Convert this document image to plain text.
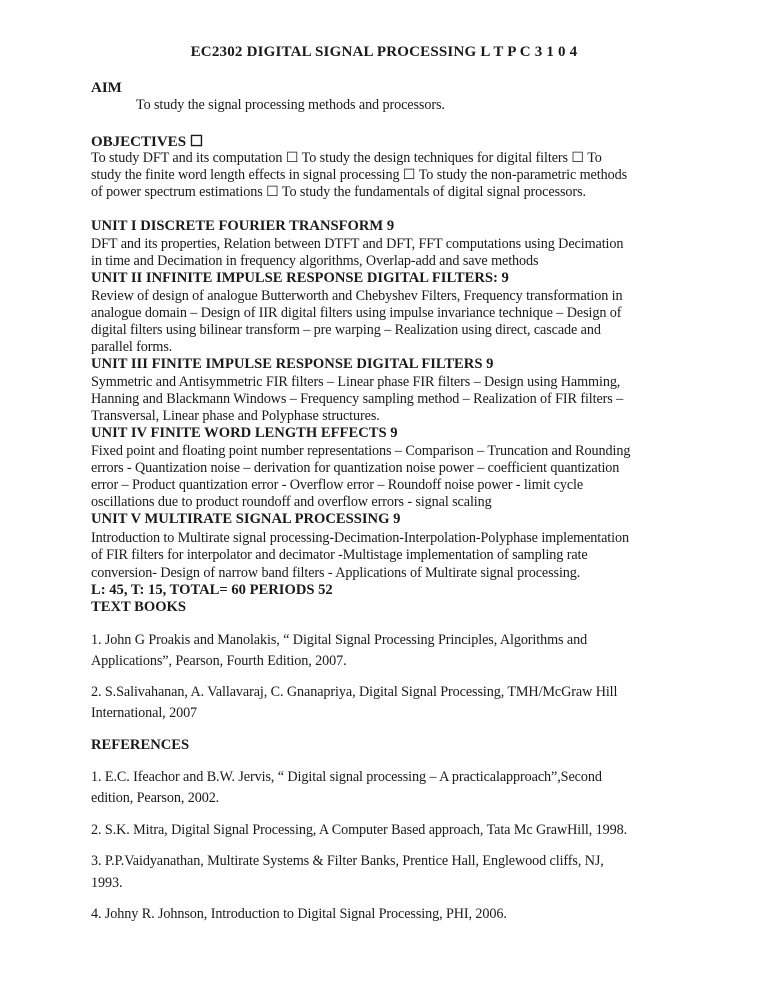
EC2302 DIGITAL SIGNAL PROCESSING L T P C 3 1 0 4
AIM
To study the signal processing methods and processors.
OBJECTIVES ☐
To study DFT and its computation ☐ To study the design techniques for digital filters ☐ To
study the finite word length effects in signal processing ☐ To study the non-parametric methods
of power spectrum estimations ☐ To study the fundamentals of digital signal processors.
UNIT I DISCRETE FOURIER TRANSFORM 9
DFT and its properties, Relation between DTFT and DFT, FFT computations using Decimation
in time and Decimation in frequency algorithms, Overlap-add and save methods
UNIT II INFINITE IMPULSE RESPONSE DIGITAL FILTERS: 9
Review of design of analogue Butterworth and Chebyshev Filters, Frequency transformation in
analogue domain – Design of IIR digital filters using impulse invariance technique – Design of
digital filters using bilinear transform – pre warping – Realization using direct, cascade and
parallel forms.
UNIT III FINITE IMPULSE RESPONSE DIGITAL FILTERS 9
Symmetric and Antisymmetric FIR filters – Linear phase FIR filters – Design using Hamming,
Hanning and Blackmann Windows – Frequency sampling method – Realization of FIR filters –
Transversal, Linear phase and Polyphase structures.
UNIT IV FINITE WORD LENGTH EFFECTS 9
Fixed point and floating point number representations – Comparison – Truncation and Rounding
errors - Quantization noise – derivation for quantization noise power – coefficient quantization
error – Product quantization error - Overflow error – Roundoff noise power - limit cycle
oscillations due to product roundoff and overflow errors - signal scaling
UNIT V MULTIRATE SIGNAL PROCESSING 9
Introduction to Multirate signal processing-Decimation-Interpolation-Polyphase implementation
of FIR filters for interpolator and decimator -Multistage implementation of sampling rate
conversion- Design of narrow band filters - Applications of Multirate signal processing.
L: 45, T: 15, TOTAL= 60 PERIODS 52
TEXT BOOKS
1. John G Proakis and Manolakis, “ Digital Signal Processing Principles, Algorithms and
Applications”, Pearson, Fourth Edition, 2007.
2. S.Salivahanan, A. Vallavaraj, C. Gnanapriya, Digital Signal Processing, TMH/McGraw Hill
International, 2007
REFERENCES
1. E.C. Ifeachor and B.W. Jervis, “ Digital signal processing – A practicalapproach”,Second
edition, Pearson, 2002.
2. S.K. Mitra, Digital Signal Processing, A Computer Based approach, Tata Mc GrawHill, 1998.
3. P.P.Vaidyanathan, Multirate Systems & Filter Banks, Prentice Hall, Englewood cliffs, NJ,
1993.
4. Johny R. Johnson, Introduction to Digital Signal Processing, PHI, 2006.
